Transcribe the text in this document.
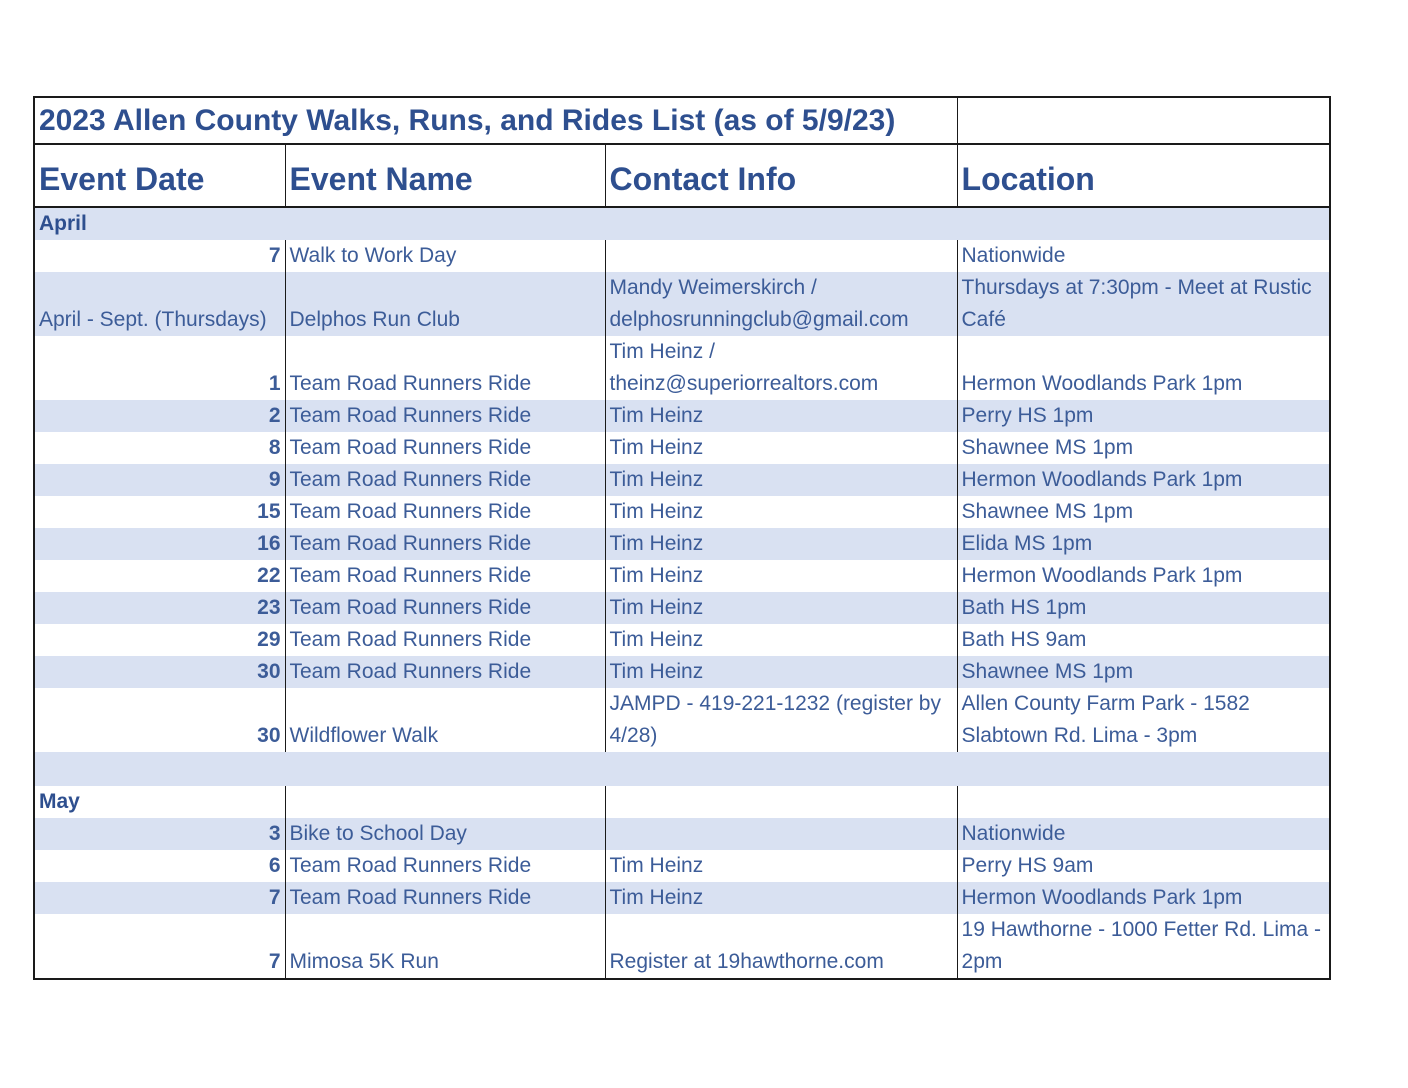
2023 Allen County Walks, Runs, and Rides List (as of 5/9/23)			
Event Date	Event Name	Contact Info	Location
April			
7	Walk to Work Day		Nationwide
April - Sept. (Thursdays)	Delphos Run Club	Mandy Weimerskirch / delphosrunningclub@gmail.com	Thursdays at 7:30pm - Meet at Rustic Café
1	Team Road Runners Ride	Tim Heinz / theinz@superiorrealtors.com	Hermon Woodlands Park 1pm
2	Team Road Runners Ride	Tim Heinz	Perry HS 1pm
8	Team Road Runners Ride	Tim Heinz	Shawnee MS 1pm
9	Team Road Runners Ride	Tim Heinz	Hermon Woodlands Park 1pm
15	Team Road Runners Ride	Tim Heinz	Shawnee MS 1pm
16	Team Road Runners Ride	Tim Heinz	Elida MS 1pm
22	Team Road Runners Ride	Tim Heinz	Hermon Woodlands Park 1pm
23	Team Road Runners Ride	Tim Heinz	Bath HS 1pm
29	Team Road Runners Ride	Tim Heinz	Bath HS 9am
30	Team Road Runners Ride	Tim Heinz	Shawnee MS 1pm
30	Wildflower Walk	JAMPD - 419-221-1232 (register by 4/28)	Allen County Farm Park - 1582 Slabtown Rd. Lima - 3pm

May			
3	Bike to School Day		Nationwide
6	Team Road Runners Ride	Tim Heinz	Perry HS 9am
7	Team Road Runners Ride	Tim Heinz	Hermon Woodlands Park 1pm
7	Mimosa 5K Run	Register at 19hawthorne.com	19 Hawthorne - 1000 Fetter Rd. Lima - 2pm
